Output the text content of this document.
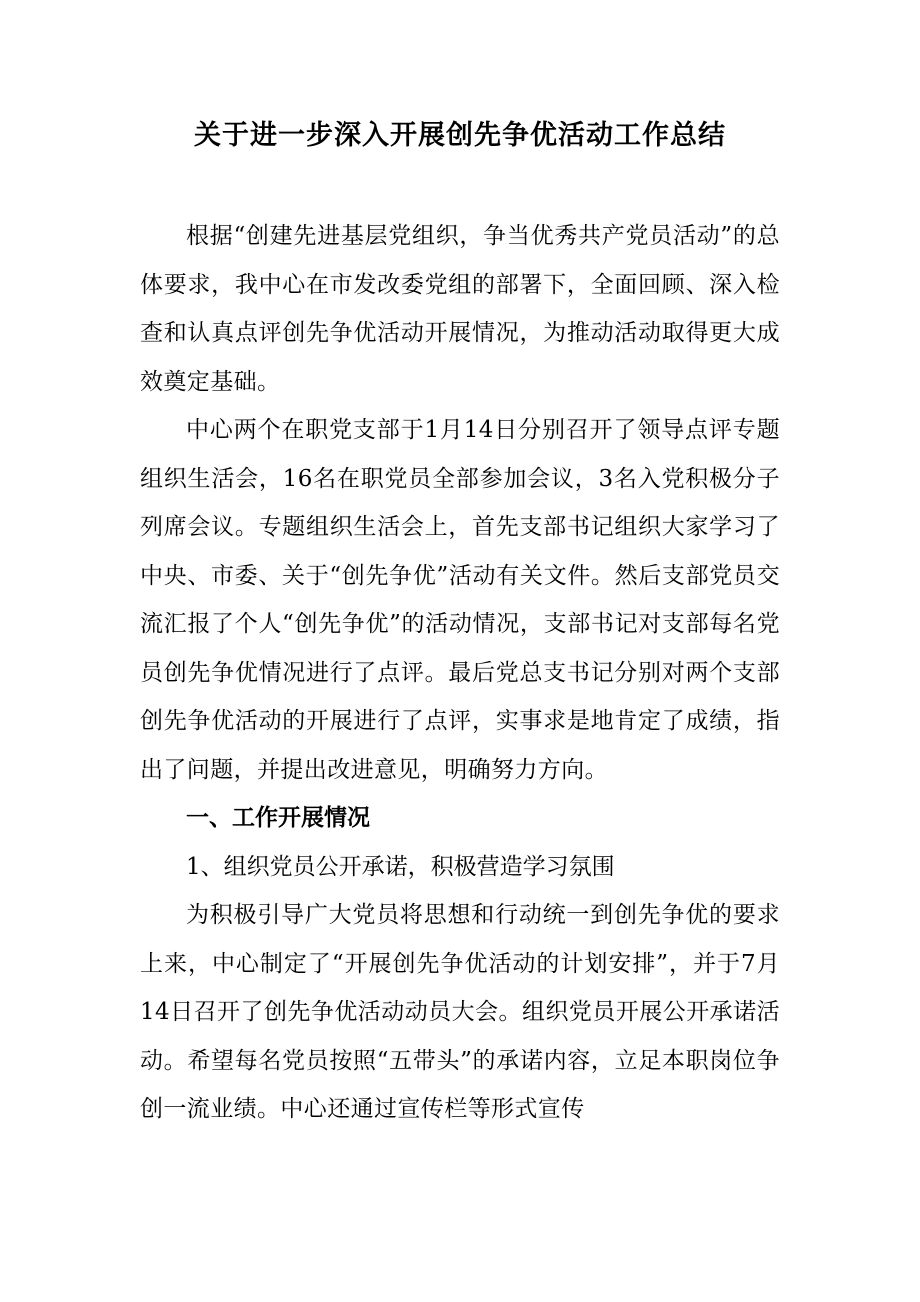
关于进一步深入开展创先争优活动工作总结

根据“创建先进基层党组织，争当优秀共产党员活动”的总体要求，我中心在市发改委党组的部署下，全面回顾、深入检查和认真点评创先争优活动开展情况，为推动活动取得更大成效奠定基础。

中心两个在职党支部于1月14日分别召开了领导点评专题组织生活会，16名在职党员全部参加会议，3名入党积极分子列席会议。专题组织生活会上，首先支部书记组织大家学习了中央、市委、关于“创先争优”活动有关文件。然后支部党员交流汇报了个人“创先争优”的活动情况，支部书记对支部每名党员创先争优情况进行了点评。最后党总支书记分别对两个支部创先争优活动的开展进行了点评，实事求是地肯定了成绩，指出了问题，并提出改进意见，明确努力方向。

一、工作开展情况

1、组织党员公开承诺，积极营造学习氛围

为积极引导广大党员将思想和行动统一到创先争优的要求上来，中心制定了“开展创先争优活动的计划安排”，并于7月14日召开了创先争优活动动员大会。组织党员开展公开承诺活动。希望每名党员按照“五带头”的承诺内容，立足本职岗位争创一流业绩。中心还通过宣传栏等形式宣传
